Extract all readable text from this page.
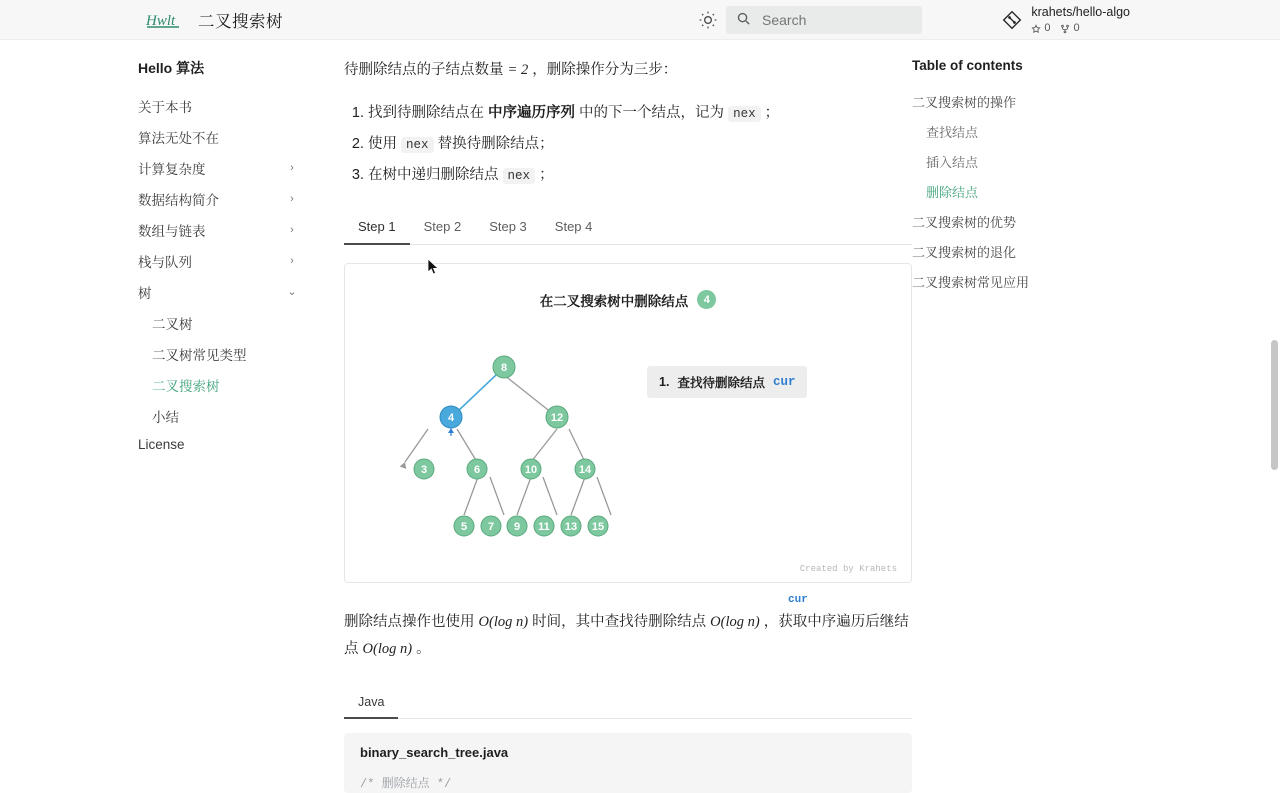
Hwlt 二叉搜索树
Search
krahets/hello-algo
0 0
Hello 算法
关于本书
算法无处不在
计算复杂度	›
数据结构简介	›
数组与链表	›
栈与队列	›
树	⌄
二叉树
二叉树常见类型
二叉搜索树
小结
License

待删除结点的子结点数量 = 2 ，删除操作分为三步：

1. 找到待删除结点在 中序遍历序列 中的下一个结点，记为 nex ；
2. 使用 nex 替换待删除结点；
3. 在树中递归删除结点 nex ；
Step 1	Step 2	Step 3	Step 4
在二叉搜索树中删除结点	4
8
4	12
3	6	10	14
5 7 9 11 13 15
cur
1. 查找待删除结点 cur
Created by Krahets

删除结点操作也使用 O(log n) 时间，其中查找待删除结点 O(log n) ，获取中序遍历后继结点 O(log n) 。

Java
binary_search_tree.java
/* 删除结点 */
Table of contents
二叉搜索树的操作
查找结点
插入结点
删除结点
二叉搜索树的优势
二叉搜索树的退化
二叉搜索树常见应用
